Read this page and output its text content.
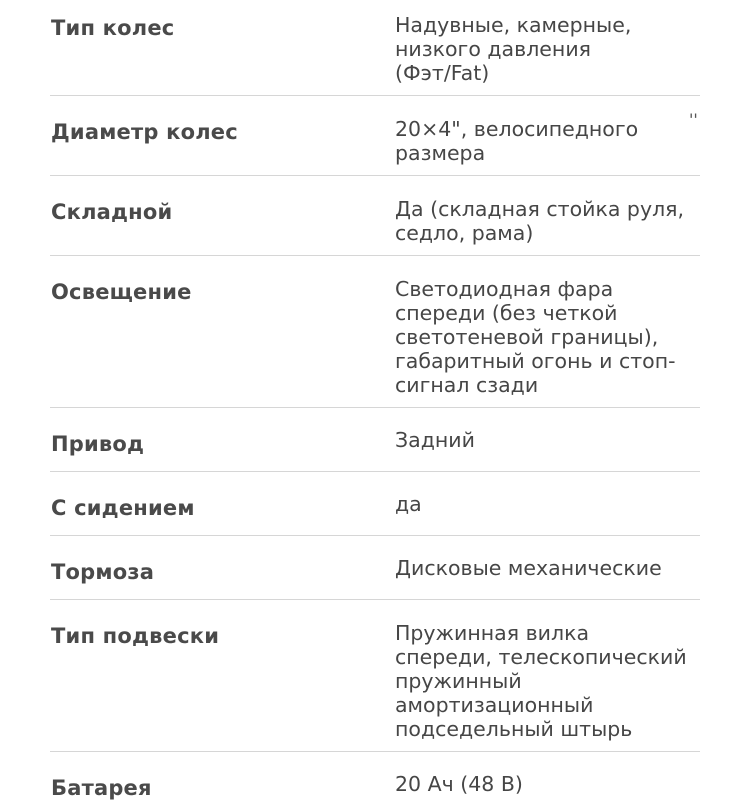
Тип колес	Надувные, камерные,
низкого давления
(Фэт/Fat)
Диаметр колес	20×4", велосипедного
размера
Складной	Да (складная стойка руля,
седло, рама)
Освещение	Светодиодная фара
спереди (без четкой
светотеневой границы),
габаритный огонь и стоп-
сигнал сзади
Привод	Задний
С сидением	да
Тормоза	Дисковые механические
Тип подвески	Пружинная вилка
спереди, телескопический
пружинный
амортизационный
подседельный штырь
Батарея	20 Ач (48 В)
''
